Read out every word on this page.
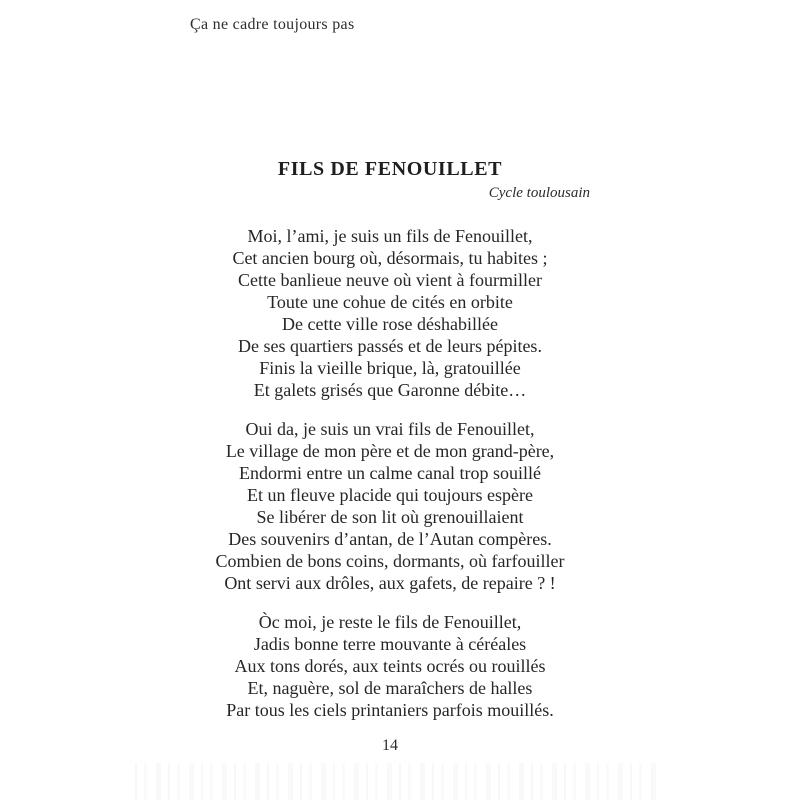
Ça ne cadre toujours pas
FILS DE FENOUILLET
Cycle toulousain
Moi, l’ami, je suis un fils de Fenouillet,
Cet ancien bourg où, désormais, tu habites ;
Cette banlieue neuve où vient à fourmiller
Toute une cohue de cités en orbite
De cette ville rose déshabillée
De ses quartiers passés et de leurs pépites.
Finis la vieille brique, là, gratouillée
Et galets grisés que Garonne débite…
Oui da, je suis un vrai fils de Fenouillet,
Le village de mon père et de mon grand-père,
Endormi entre un calme canal trop souillé
Et un fleuve placide qui toujours espère
Se libérer de son lit où grenouillaient
Des souvenirs d’antan, de l’Autan compères.
Combien de bons coins, dormants, où farfouiller
Ont servi aux drôles, aux gafets, de repaire ? !
Òc moi, je reste le fils de Fenouillet,
Jadis bonne terre mouvante à céréales
Aux tons dorés, aux teints ocrés ou rouillés
Et, naguère, sol de maraîchers de halles
Par tous les ciels printaniers parfois mouillés.
14
